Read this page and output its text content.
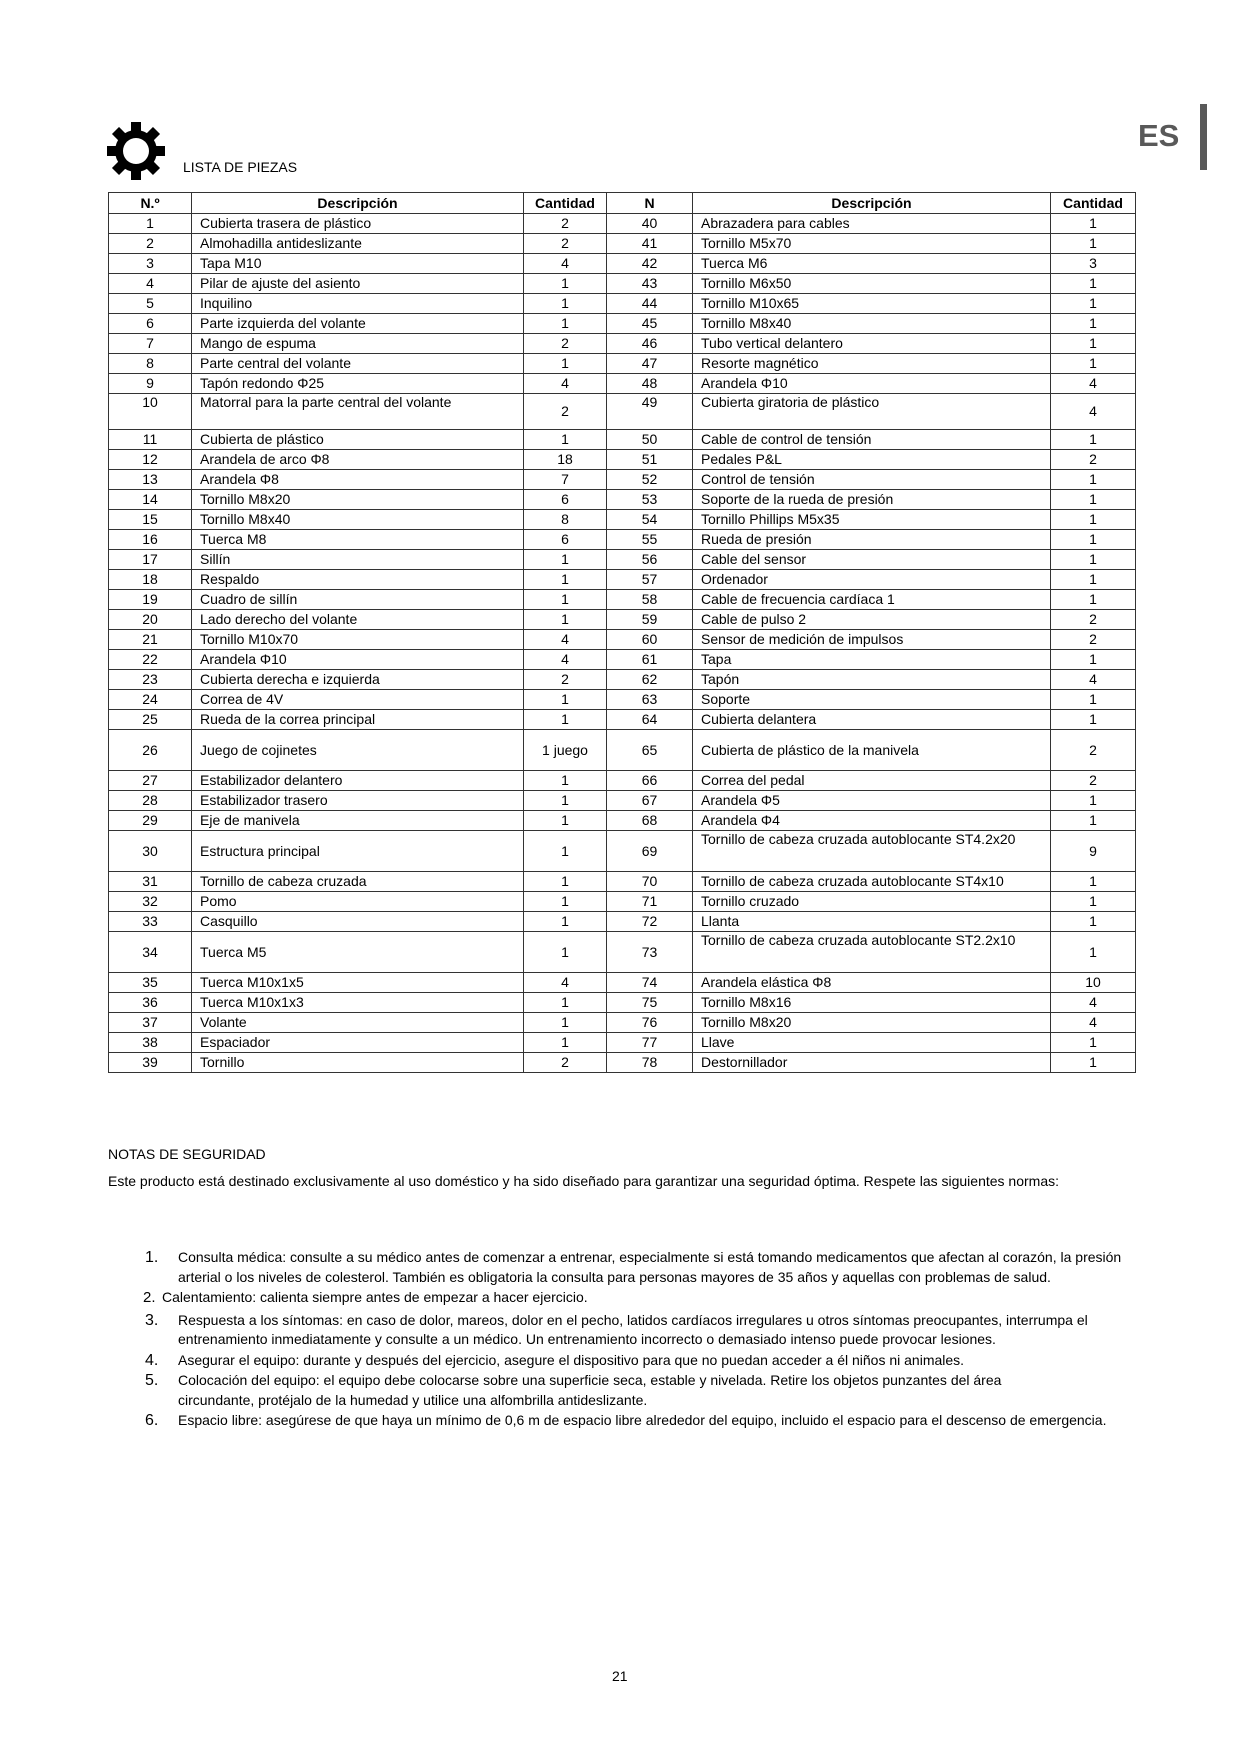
ES
LISTA DE PIEZAS
N.º	Descripción	Cantidad	N	Descripción	Cantidad
1	Cubierta trasera de plástico	2	40	Abrazadera para cables	1
2	Almohadilla antideslizante	2	41	Tornillo M5x70	1
3	Tapa M10	4	42	Tuerca M6	3
4	Pilar de ajuste del asiento	1	43	Tornillo M6x50	1
5	Inquilino	1	44	Tornillo M10x65	1
6	Parte izquierda del volante	1	45	Tornillo M8x40	1
7	Mango de espuma	2	46	Tubo vertical delantero	1
8	Parte central del volante	1	47	Resorte magnético	1
9	Tapón redondo Φ25	4	48	Arandela Φ10	4
10	Matorral para la parte central del volante	2	49	Cubierta giratoria de plástico	4
11	Cubierta de plástico	1	50	Cable de control de tensión	1
12	Arandela de arco Φ8	18	51	Pedales P&L	2
13	Arandela Φ8	7	52	Control de tensión	1
14	Tornillo M8x20	6	53	Soporte de la rueda de presión	1
15	Tornillo M8x40	8	54	Tornillo Phillips M5x35	1
16	Tuerca M8	6	55	Rueda de presión	1
17	Sillín	1	56	Cable del sensor	1
18	Respaldo	1	57	Ordenador	1
19	Cuadro de sillín	1	58	Cable de frecuencia cardíaca 1	1
20	Lado derecho del volante	1	59	Cable de pulso 2	2
21	Tornillo M10x70	4	60	Sensor de medición de impulsos	2
22	Arandela Φ10	4	61	Tapa	1
23	Cubierta derecha e izquierda	2	62	Tapón	4
24	Correa de 4V	1	63	Soporte	1
25	Rueda de la correa principal	1	64	Cubierta delantera	1
26	Juego de cojinetes	1 juego	65	Cubierta de plástico de la manivela	2
27	Estabilizador delantero	1	66	Correa del pedal	2
28	Estabilizador trasero	1	67	Arandela Φ5	1
29	Eje de manivela	1	68	Arandela Φ4	1
30	Estructura principal	1	69	Tornillo de cabeza cruzada autoblocante ST4.2x20	9
31	Tornillo de cabeza cruzada	1	70	Tornillo de cabeza cruzada autoblocante ST4x10	1
32	Pomo	1	71	Tornillo cruzado	1
33	Casquillo	1	72	Llanta	1
34	Tuerca M5	1	73	Tornillo de cabeza cruzada autoblocante ST2.2x10	1
35	Tuerca M10x1x5	4	74	Arandela elástica Φ8	10
36	Tuerca M10x1x3	1	75	Tornillo M8x16	4
37	Volante	1	76	Tornillo M8x20	4
38	Espaciador	1	77	Llave	1
39	Tornillo	2	78	Destornillador	1
NOTAS DE SEGURIDAD
Este producto está destinado exclusivamente al uso doméstico y ha sido diseñado para garantizar una seguridad óptima. Respete las siguientes normas:
1. Consulta médica: consulte a su médico antes de comenzar a entrenar, especialmente si está tomando medicamentos que afectan al corazón, la presión arterial o los niveles de colesterol. También es obligatoria la consulta para personas mayores de 35 años y aquellas con problemas de salud.
2. Calentamiento: calienta siempre antes de empezar a hacer ejercicio.
3. Respuesta a los síntomas: en caso de dolor, mareos, dolor en el pecho, latidos cardíacos irregulares u otros síntomas preocupantes, interrumpa el entrenamiento inmediatamente y consulte a un médico. Un entrenamiento incorrecto o demasiado intenso puede provocar lesiones.
4. Asegurar el equipo: durante y después del ejercicio, asegure el dispositivo para que no puedan acceder a él niños ni animales.
5. Colocación del equipo: el equipo debe colocarse sobre una superficie seca, estable y nivelada. Retire los objetos punzantes del área circundante, protéjalo de la humedad y utilice una alfombrilla antideslizante.
6. Espacio libre: asegúrese de que haya un mínimo de 0,6 m de espacio libre alrededor del equipo, incluido el espacio para el descenso de emergencia.
21
